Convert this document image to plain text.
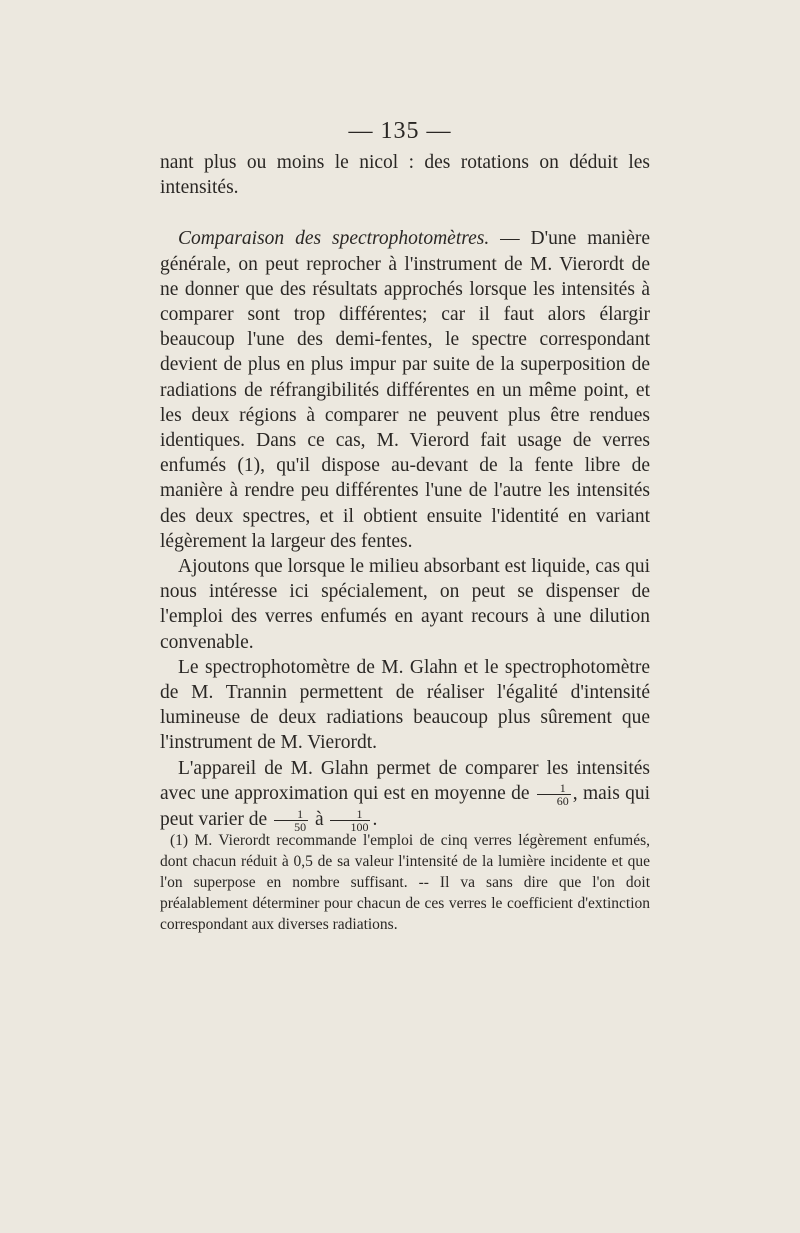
— 135 —

nant plus ou moins le nicol : des rotations on déduit les intensités.

Comparaison des spectrophotomètres. — D'une manière générale, on peut reprocher à l'instrument de M. Vierordt de ne donner que des résultats approchés lorsque les intensités à comparer sont trop différentes; car il faut alors élargir beaucoup l'une des demi-fentes, le spectre correspondant devient de plus en plus impur par suite de la superposition de radiations de réfrangibilités différentes en un même point, et les deux régions à comparer ne peuvent plus être rendues identiques. Dans ce cas, M. Vierord fait usage de verres enfumés (1), qu'il dispose au-devant de la fente libre de manière à rendre peu différentes l'une de l'autre les intensités des deux spectres, et il obtient ensuite l'identité en variant légèrement la largeur des fentes.

Ajoutons que lorsque le milieu absorbant est liquide, cas qui nous intéresse ici spécialement, on peut se dispenser de l'emploi des verres enfumés en ayant recours à une dilution convenable.

Le spectrophotomètre de M. Glahn et le spectrophotomètre de M. Trannin permettent de réaliser l'égalité d'intensité lumineuse de deux radiations beaucoup plus sûrement que l'instrument de M. Vierordt.

L'appareil de M. Glahn permet de comparer les intensités avec une approximation qui est en moyenne de $\frac{1}{60}$ , mais qui peut varier de $\frac{1}{50}$ à $\frac{1}{100}$ .

(1) M. Vierordt recommande l'emploi de cinq verres légèrement enfumés, dont chacun réduit à 0,5 de sa valeur l'intensité de la lumière incidente et que l'on superpose en nombre suffisant. -- Il va sans dire que l'on doit préalablement déterminer pour chacun de ces verres le coefficient d'extinction correspondant aux diverses radiations.
